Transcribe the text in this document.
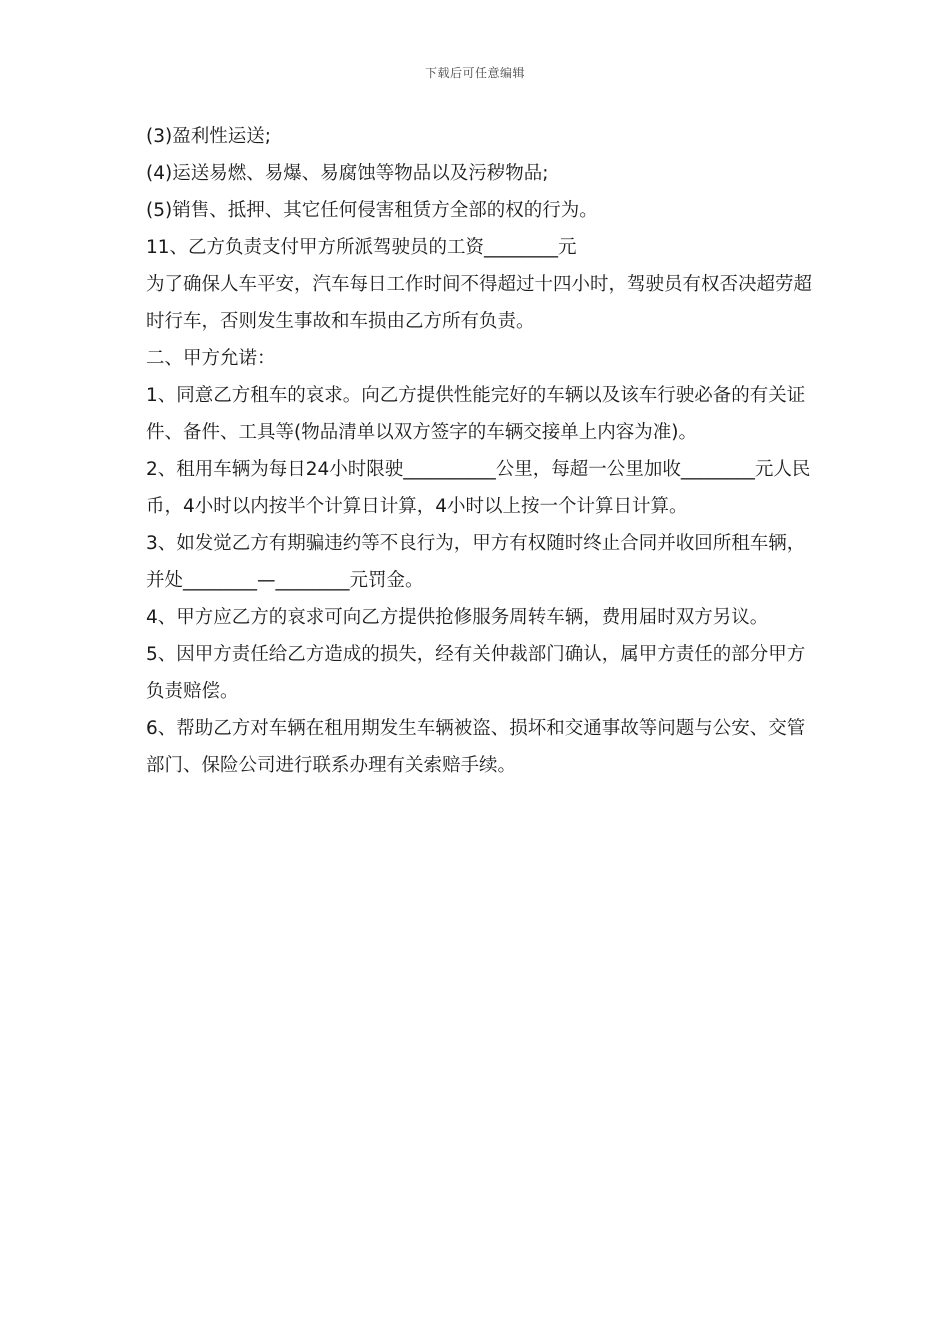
下载后可任意编辑

(3)盈利性运送;

(4)运送易燃、易爆、易腐蚀等物品以及污秽物品;

(5)销售、抵押、其它任何侵害租赁方全部的权的行为。

11、乙方负责支付甲方所派驾驶员的工资________元

为了确保人车平安，汽车每日工作时间不得超过十四小时，驾驶员有权否决超劳超时行车，否则发生事故和车损由乙方所有负责。

二、甲方允诺：

1、同意乙方租车的哀求。向乙方提供性能完好的车辆以及该车行驶必备的有关证件、备件、工具等(物品清单以双方签字的车辆交接单上内容为准)。

2、租用车辆为每日24小时限驶__________公里，每超一公里加收________元人民币，4小时以内按半个计算日计算，4小时以上按一个计算日计算。

3、如发觉乙方有期骗违约等不良行为，甲方有权随时终止合同并收回所租车辆，并处________—________元罚金。

4、甲方应乙方的哀求可向乙方提供抢修服务周转车辆，费用届时双方另议。

5、因甲方责任给乙方造成的损失，经有关仲裁部门确认，属甲方责任的部分甲方负责赔偿。

6、帮助乙方对车辆在租用期发生车辆被盗、损坏和交通事故等问题与公安、交管部门、保险公司进行联系办理有关索赔手续。
